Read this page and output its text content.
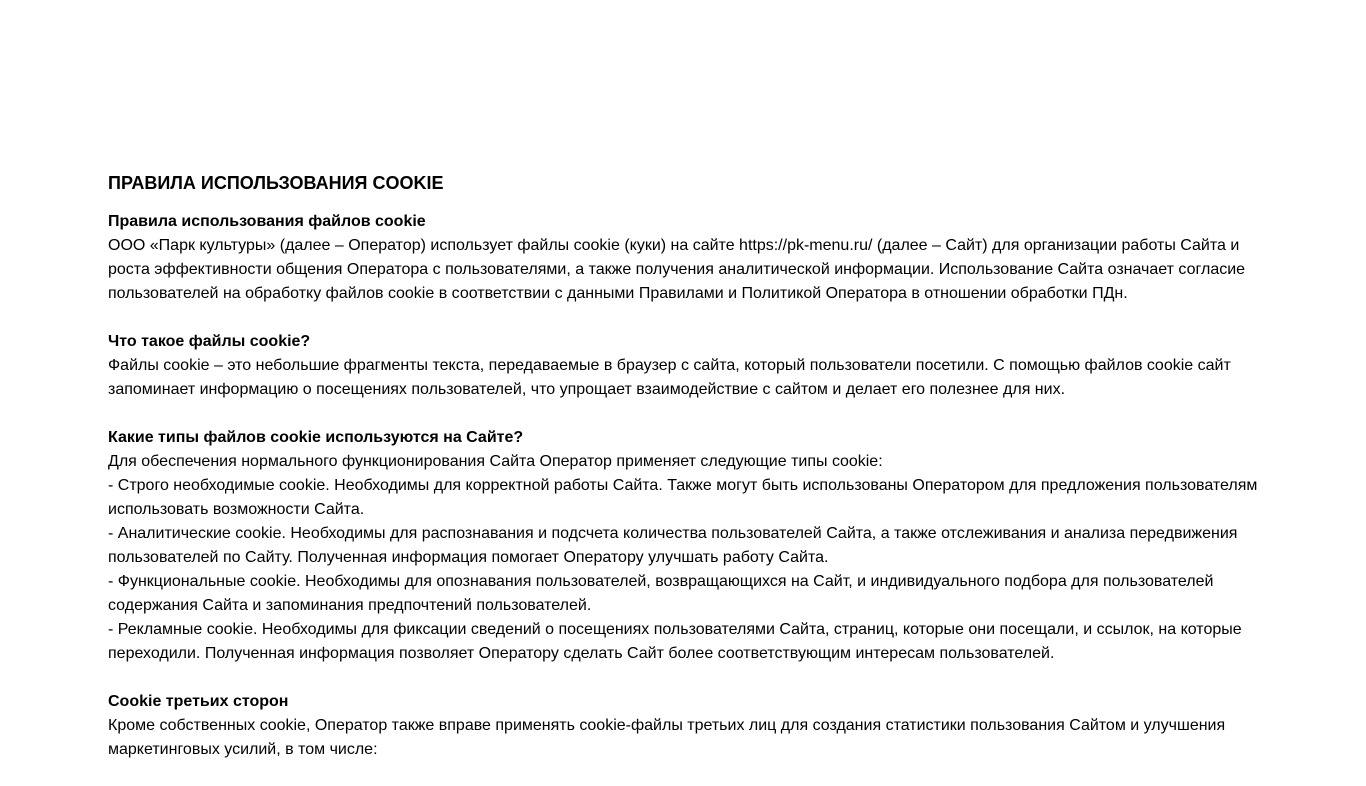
ПРАВИЛА ИСПОЛЬЗОВАНИЯ COOKIE

Правила использования файлов cookie

ООО «Парк культуры» (далее – Оператор) использует файлы cookie (куки) на сайте https://pk-menu.ru/ (далее – Сайт) для организации работы Сайта и роста эффективности общения Оператора с пользователями, а также получения аналитической информации. Использование Сайта означает согласие пользователей на обработку файлов cookie в соответствии с данными Правилами и Политикой Оператора в отношении обработки ПДн.

Что такое файлы cookie?

Файлы cookie – это небольшие фрагменты текста, передаваемые в браузер с сайта, который пользователи посетили. С помощью файлов cookie сайт запоминает информацию о посещениях пользователей, что упрощает взаимодействие с сайтом и делает его полезнее для них.

Какие типы файлов cookie используются на Сайте?

Для обеспечения нормального функционирования Сайта Оператор применяет следующие типы cookie:

- Строго необходимые cookie. Необходимы для корректной работы Сайта. Также могут быть использованы Оператором для предложения пользователям использовать возможности Сайта.

- Аналитические cookie. Необходимы для распознавания и подсчета количества пользователей Сайта, а также отслеживания и анализа передвижения пользователей по Сайту. Полученная информация помогает Оператору улучшать работу Сайта.

- Функциональные cookie. Необходимы для опознавания пользователей, возвращающихся на Сайт, и индивидуального подбора для пользователей содержания Сайта и запоминания предпочтений пользователей.

- Рекламные cookie. Необходимы для фиксации сведений о посещениях пользователями Сайта, страниц, которые они посещали, и ссылок, на которые переходили. Полученная информация позволяет Оператору сделать Сайт более соответствующим интересам пользователей.

Cookie третьих сторон

Кроме собственных cookie, Оператор также вправе применять cookie-файлы третьих лиц для создания статистики пользования Сайтом и улучшения маркетинговых усилий, в том числе:
